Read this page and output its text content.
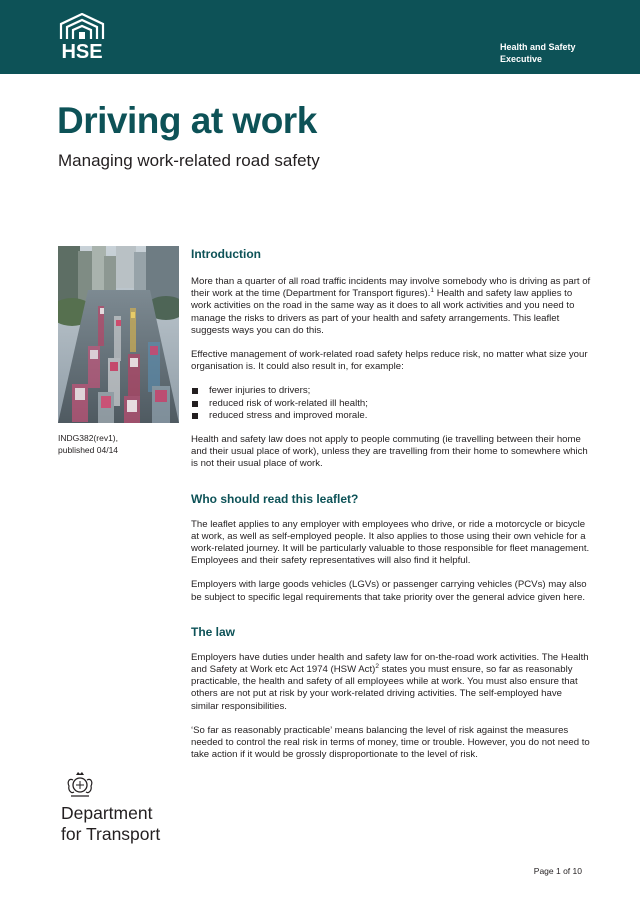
HSE	Health and Safety
Executive
Driving at work

Managing work-related road safety

INDG382(rev1),
published 04/14
Introduction

More than a quarter of all road traffic incidents may involve somebody who is driving as part of their work at the time (Department for Transport figures).$^1$ Health and safety law applies to work activities on the road in the same way as it does to all work activities and you need to manage the risks to drivers as part of your health and safety arrangements. This leaflet suggests ways you can do this.

Effective management of work-related road safety helps reduce risk, no matter what size your organisation is. It could also result in, for example:

fewer injuries to drivers;
reduced risk of work-related ill health;
reduced stress and improved morale.

Health and safety law does not apply to people commuting (ie travelling between their home and their usual place of work), unless they are travelling from their home to somewhere which is not their usual place of work.

Who should read this leaflet?

The leaflet applies to any employer with employees who drive, or ride a motorcycle or bicycle at work, as well as self-employed people. It also applies to those using their own vehicle for a work-related journey. It will be particularly valuable to those responsible for fleet management. Employees and their safety representatives will also find it helpful.

Employers with large goods vehicles (LGVs) or passenger carrying vehicles (PCVs) may also be subject to specific legal requirements that take priority over the general advice given here.

The law

Employers have duties under health and safety law for on-the-road work activities. The Health and Safety at Work etc Act 1974 (HSW Act)$^2$ states you must ensure, so far as reasonably practicable, the health and safety of all employees while at work. You must also ensure that others are not put at risk by your work-related driving activities. The self-employed have similar responsibilities.

‘So far as reasonably practicable’ means balancing the level of risk against the measures needed to control the real risk in terms of money, time or trouble. However, you do not need to take action if it would be grossly disproportionate to the level of risk.

Department
for Transport
Page 1 of 10
